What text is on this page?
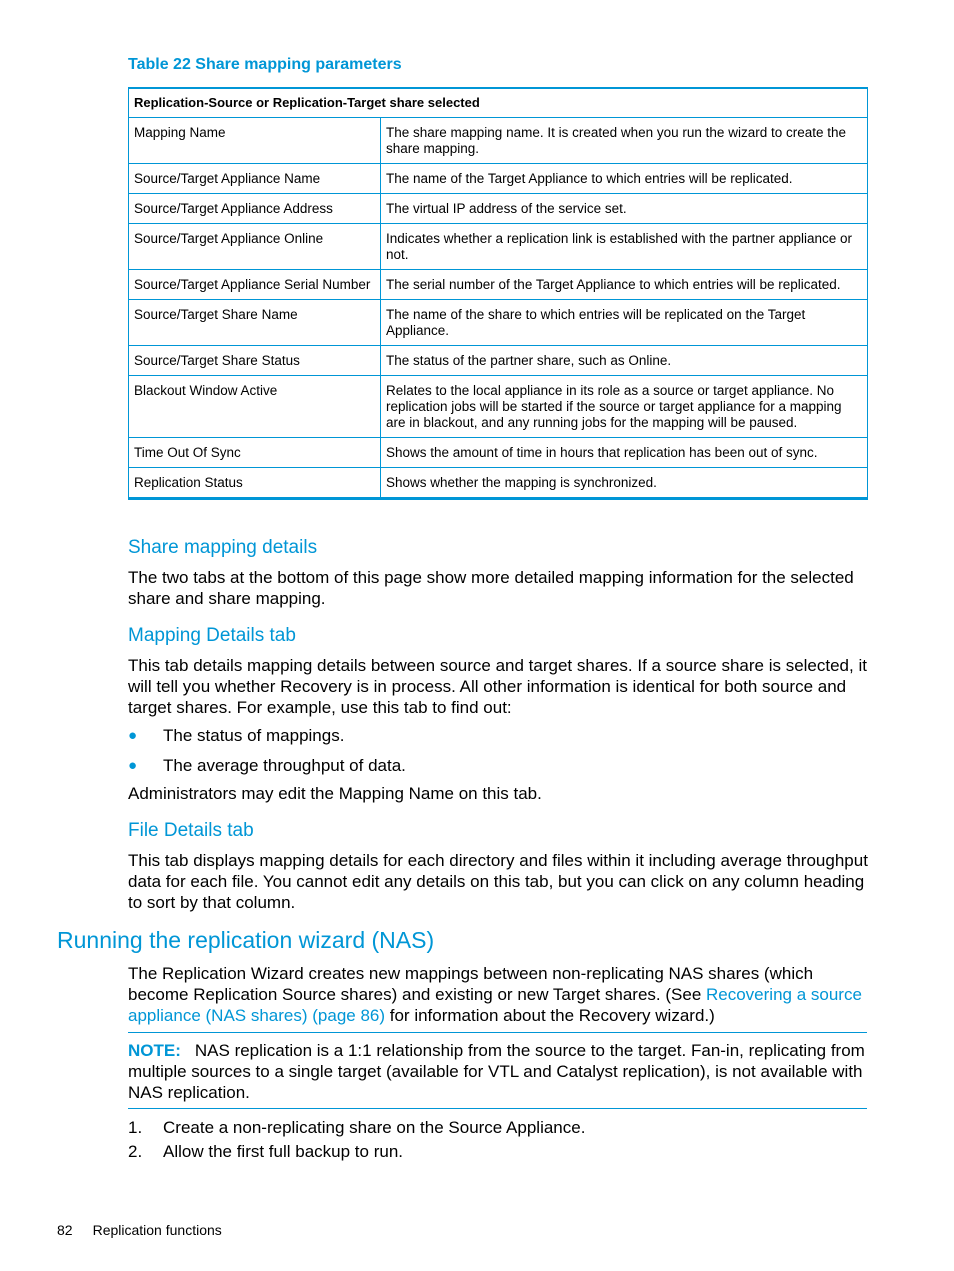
Table 22 Share mapping parameters
Replication-Source or Replication-Target share selected	
Mapping Name	The share mapping name. It is created when you run the wizard to create the share mapping.
Source/Target Appliance Name	The name of the Target Appliance to which entries will be replicated.
Source/Target Appliance Address	The virtual IP address of the service set.
Source/Target Appliance Online	Indicates whether a replication link is established with the partner appliance or not.
Source/Target Appliance Serial Number	The serial number of the Target Appliance to which entries will be replicated.
Source/Target Share Name	The name of the share to which entries will be replicated on the Target Appliance.
Source/Target Share Status	The status of the partner share, such as Online.
Blackout Window Active	Relates to the local appliance in its role as a source or target appliance. No replication jobs will be started if the source or target appliance for a mapping are in blackout, and any running jobs for the mapping will be paused.
Time Out Of Sync	Shows the amount of time in hours that replication has been out of sync.
Replication Status	Shows whether the mapping is synchronized.
Share mapping details

The two tabs at the bottom of this page show more detailed mapping information for the selected share and share mapping.

Mapping Details tab

This tab details mapping details between source and target shares. If a source share is selected, it will tell you whether Recovery is in process. All other information is identical for both source and target shares. For example, use this tab to find out:

● The status of mappings.
● The average throughput of data.

Administrators may edit the Mapping Name on this tab.

File Details tab

This tab displays mapping details for each directory and files within it including average throughput data for each file. You cannot edit any details on this tab, but you can click on any column heading to sort by that column.

Running the replication wizard (NAS)

The Replication Wizard creates new mappings between non-replicating NAS shares (which become Replication Source shares) and existing or new Target shares. (See Recovering a source appliance (NAS shares) (page 86) for information about the Recovery wizard.)

NOTE: NAS replication is a 1:1 relationship from the source to the target. Fan-in, replicating from multiple sources to a single target (available for VTL and Catalyst replication), is not available with NAS replication.

1. Create a non-replicating share on the Source Appliance.
2. Allow the first full backup to run.
82 Replication functions
